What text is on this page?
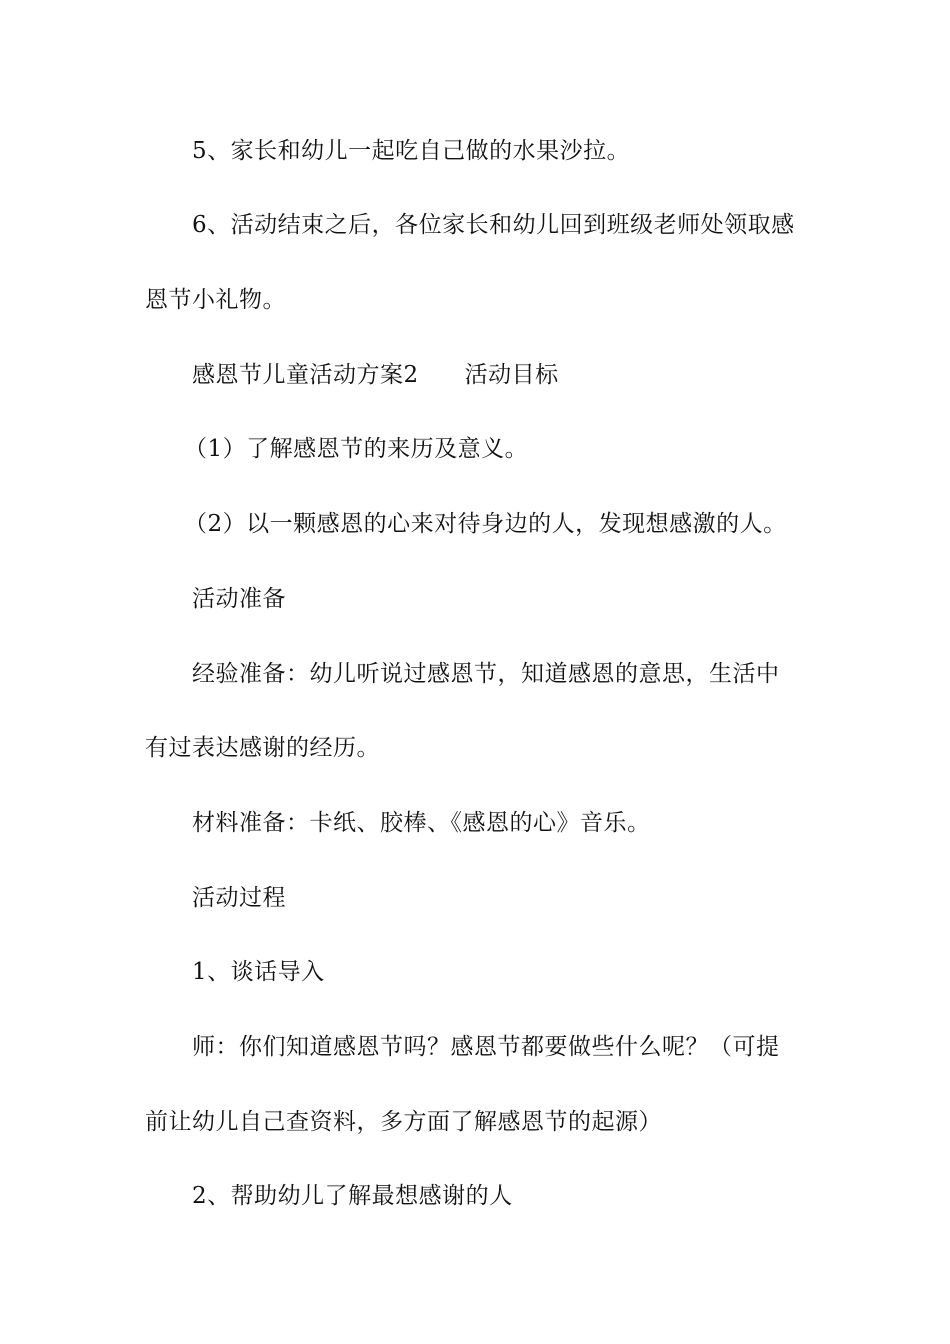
5、家长和幼儿一起吃自己做的水果沙拉。
6、活动结束之后，各位家长和幼儿回到班级老师处领取感
恩节小礼物。
感恩节儿童活动方案2 活动目标
（1）了解感恩节的来历及意义。
（2）以一颗感恩的心来对待身边的人，发现想感激的人。
活动准备
经验准备：幼儿听说过感恩节，知道感恩的意思，生活中
有过表达感谢的经历。
材料准备：卡纸、胶棒、《感恩的心》音乐。
活动过程
1、谈话导入
师：你们知道感恩节吗？感恩节都要做些什么呢？（可提
前让幼儿自己查资料，多方面了解感恩节的起源）
2、帮助幼儿了解最想感谢的人
